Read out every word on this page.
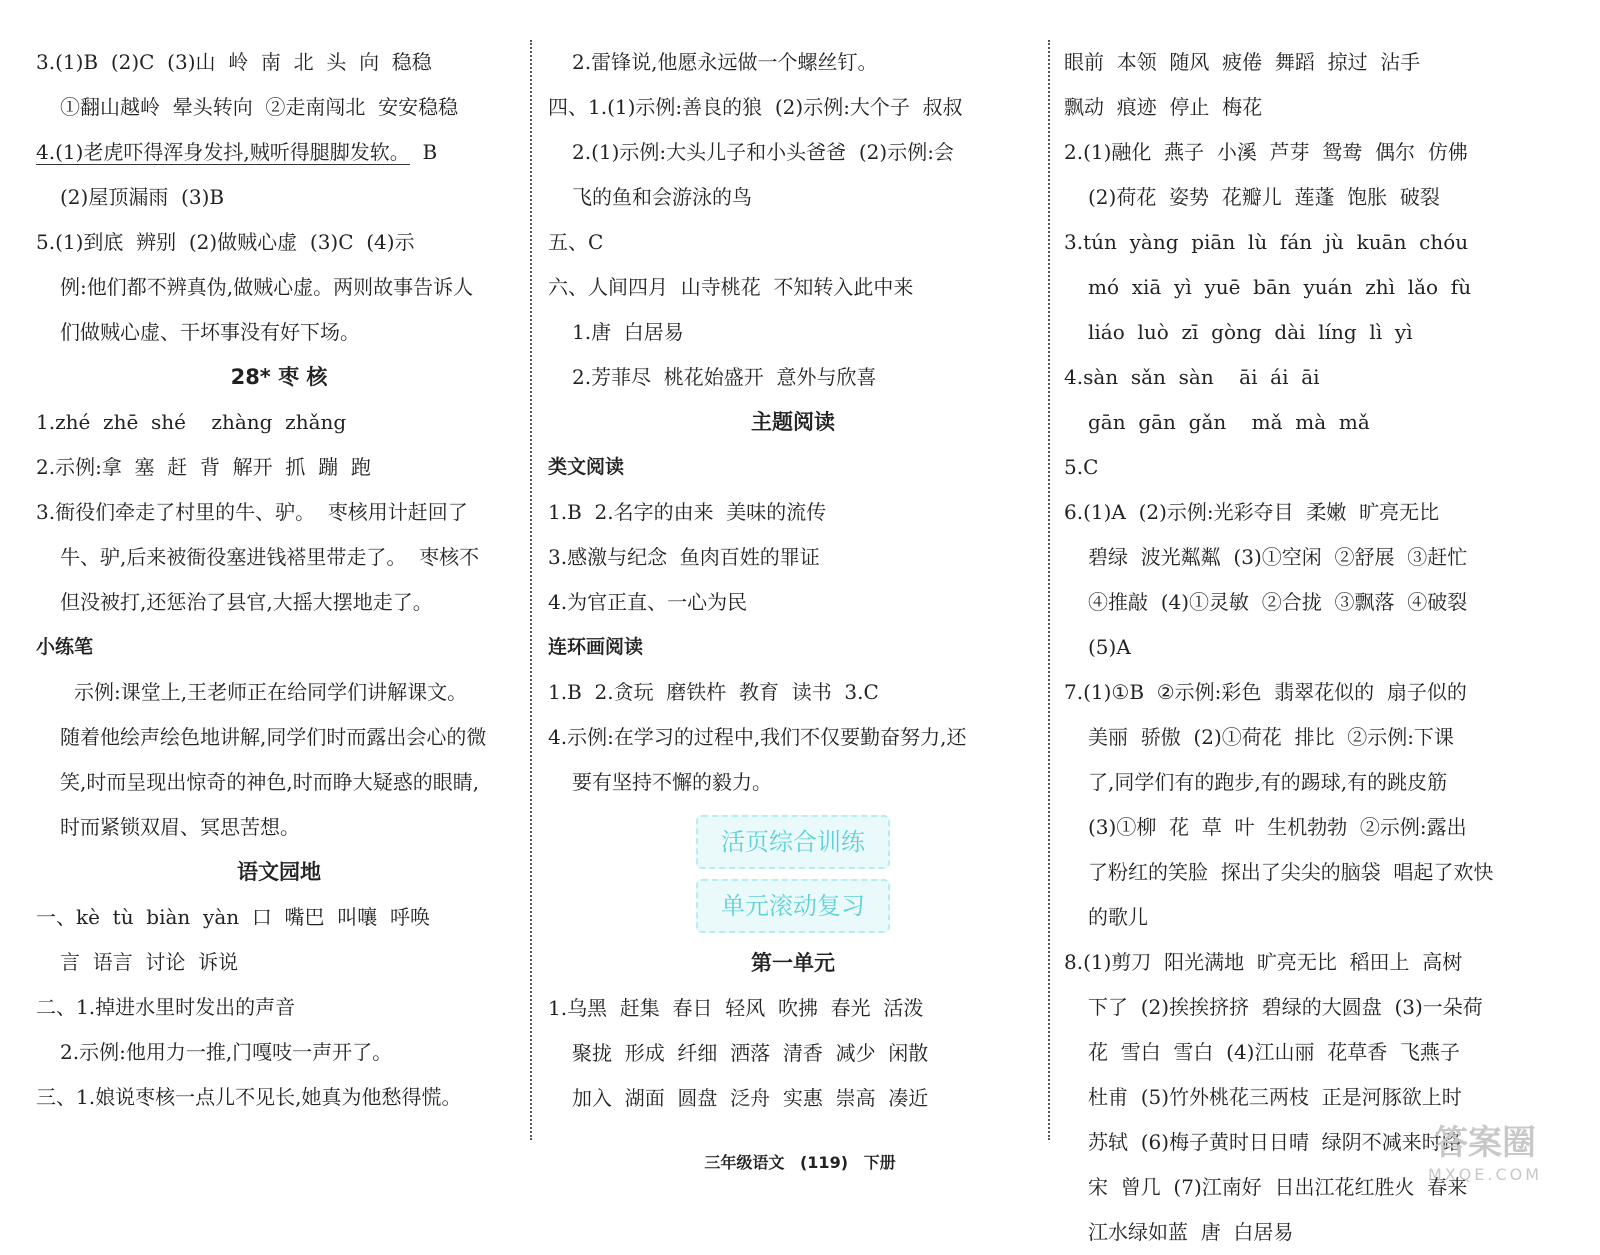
3.(1)B  (2)C  (3)山  岭  南  北  头  向  稳稳
①翻山越岭  晕头转向  ②走南闯北  安安稳稳
4.(1)老虎吓得浑身发抖,贼听得腿脚发软。  B
(2)屋顶漏雨  (3)B
5.(1)到底  辨别  (2)做贼心虚  (3)C  (4)示
例:他们都不辨真伪,做贼心虚。两则故事告诉人
们做贼心虚、干坏事没有好下场。
28* 枣 核
1.zhé  zhē  shé    zhàng  zhǎng
2.示例:拿  塞  赶  背  解开  抓  蹦  跑
3.衙役们牵走了村里的牛、驴。  枣核用计赶回了
牛、驴,后来被衙役塞进钱褡里带走了。  枣核不
但没被打,还惩治了县官,大摇大摆地走了。
小练笔
示例:课堂上,王老师正在给同学们讲解课文。
随着他绘声绘色地讲解,同学们时而露出会心的微
笑,时而呈现出惊奇的神色,时而睁大疑惑的眼睛,
时而紧锁双眉、冥思苦想。
语文园地
一、kè  tù  biàn  yàn  口  嘴巴  叫嚷  呼唤
言  语言  讨论  诉说
二、1.掉进水里时发出的声音
2.示例:他用力一推,门嘎吱一声开了。
三、1.娘说枣核一点儿不见长,她真为他愁得慌。
2.雷锋说,他愿永远做一个螺丝钉。
四、1.(1)示例:善良的狼  (2)示例:大个子  叔叔
2.(1)示例:大头儿子和小头爸爸  (2)示例:会
飞的鱼和会游泳的鸟
五、C
六、人间四月  山寺桃花  不知转入此中来
1.唐  白居易
2.芳菲尽  桃花始盛开  意外与欣喜
主题阅读
类文阅读
1.B  2.名字的由来  美味的流传
3.感激与纪念  鱼肉百姓的罪证
4.为官正直、一心为民
连环画阅读
1.B  2.贪玩  磨铁杵  教育  读书  3.C
4.示例:在学习的过程中,我们不仅要勤奋努力,还
要有坚持不懈的毅力。
活页综合训练
单元滚动复习
第一单元
1.乌黑  赶集  春日  轻风  吹拂  春光  活泼
聚拢  形成  纤细  洒落  清香  减少  闲散
加入  湖面  圆盘  泛舟  实惠  崇高  凑近
眼前  本领  随风  疲倦  舞蹈  掠过  沾手
飘动  痕迹  停止  梅花
2.(1)融化  燕子  小溪  芦芽  鸳鸯  偶尔  仿佛
(2)荷花  姿势  花瓣儿  莲蓬  饱胀  破裂
3.tún  yàng  piān  lù  fán  jù  kuān  chóu
mó  xiā  yì  yuē  bān  yuán  zhì  lǎo  fù
liáo  luò  zī  gòng  dài  líng  lì  yì
4.sàn  sǎn  sàn    āi  ái  āi
gān  gān  gǎn    mǎ  mà  mǎ
5.C
6.(1)A  (2)示例:光彩夺目  柔嫩  旷亮无比
碧绿  波光粼粼  (3)①空闲  ②舒展  ③赶忙
④推敲  (4)①灵敏  ②合拢  ③飘落  ④破裂
(5)A
7.(1)①B  ②示例:彩色  翡翠花似的  扇子似的
美丽  骄傲  (2)①荷花  排比  ②示例:下课
了,同学们有的跑步,有的踢球,有的跳皮筋
(3)①柳  花  草  叶  生机勃勃  ②示例:露出
了粉红的笑脸  探出了尖尖的脑袋  唱起了欢快
的歌儿
8.(1)剪刀  阳光满地  旷亮无比  稻田上  高树
下了  (2)挨挨挤挤  碧绿的大圆盘  (3)一朵荷
花  雪白  雪白  (4)江山丽  花草香  飞燕子
杜甫  (5)竹外桃花三两枝  正是河豚欲上时
苏轼  (6)梅子黄时日日晴  绿阴不减来时路
宋  曾几  (7)江南好  日出江花红胜火  春来
江水绿如蓝  唐  白居易
三年级语文 (119) 下册	答案圈
MXQE.COM
